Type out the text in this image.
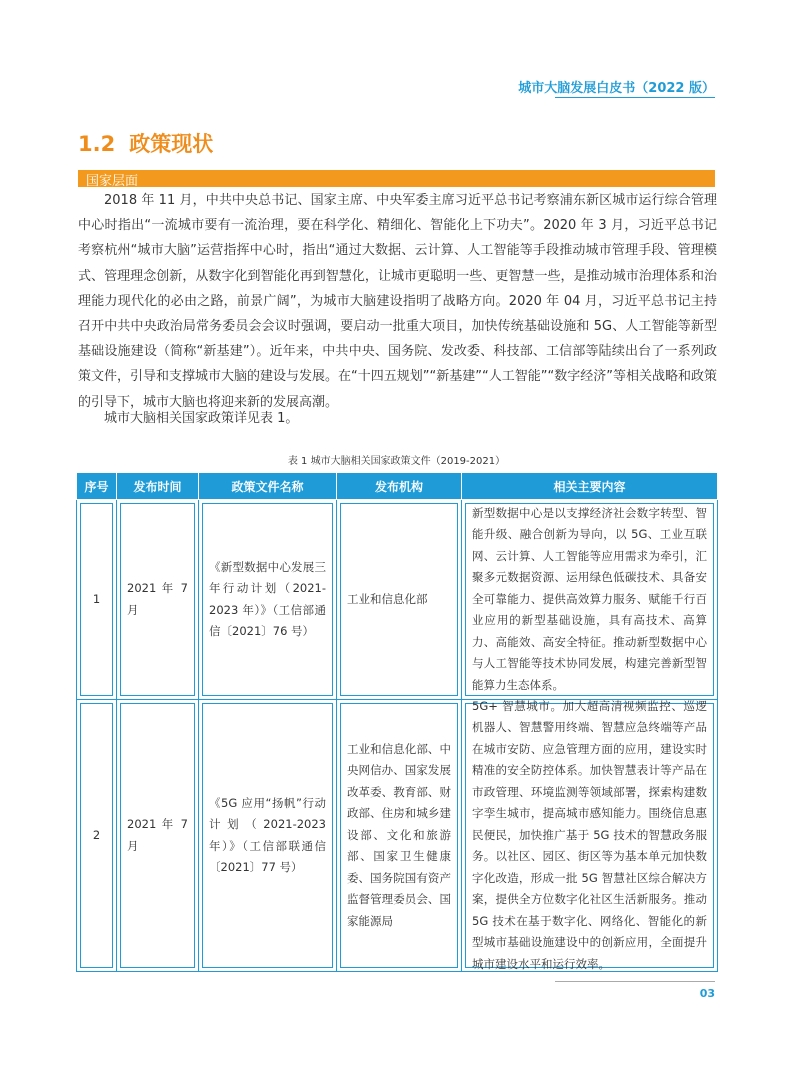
城市大脑发展白皮书（2022 版）
1.2 政策现状
国家层面

2018 年 11 月，中共中央总书记、国家主席、中央军委主席习近平总书记考察浦东新区城市运行综合管理中心时指出“一流城市要有一流治理，要在科学化、精细化、智能化上下功夫”。2020 年 3 月，习近平总书记考察杭州“城市大脑”运营指挥中心时，指出“通过大数据、云计算、人工智能等手段推动城市管理手段、管理模式、管理理念创新，从数字化到智能化再到智慧化，让城市更聪明一些、更智慧一些，是推动城市治理体系和治理能力现代化的必由之路，前景广阔”，为城市大脑建设指明了战略方向。2020 年 04 月，习近平总书记主持召开中共中央政治局常务委员会会议时强调，要启动一批重大项目，加快传统基础设施和 5G、人工智能等新型基础设施建设（简称“新基建”）。近年来，中共中央、国务院、发改委、科技部、工信部等陆续出台了一系列政策文件，引导和支撑城市大脑的建设与发展。在“十四五规划”“新基建”“人工智能”“数字经济”等相关战略和政策的引导下，城市大脑也将迎来新的发展高潮。

城市大脑相关国家政策详见表 1。

表 1 城市大脑相关国家政策文件（2019-2021）
序号	发布时间	政策文件名称	发布机构	相关主要内容

1	2021 年 7 月	《新型数据中心发展三年行动计划（2021-2023 年）》（工信部通信〔2021〕76 号）	工业和信息化部	新型数据中心是以支撑经济社会数字转型、智能升级、融合创新为导向，以 5G、工业互联网、云计算、人工智能等应用需求为牵引，汇聚多元数据资源、运用绿色低碳技术、具备安全可靠能力、提供高效算力服务、赋能千行百业应用的新型基础设施，具有高技术、高算力、高能效、高安全特征。推动新型数据中心与人工智能等技术协同发展，构建完善新型智能算力生态体系。

2	2021 年 7 月	《5G 应用“扬帆”行动计划（2021-2023 年）》（工信部联通信〔2021〕77 号）	工业和信息化部、中央网信办、国家发展改革委、教育部、财政部、住房和城乡建设部、文化和旅游部、国家卫生健康委、国务院国有资产监督管理委员会、国家能源局	5G+ 智慧城市。加大超高清视频监控、巡逻机器人、智慧警用终端、智慧应急终端等产品在城市安防、应急管理方面的应用，建设实时精准的安全防控体系。加快智慧表计等产品在市政管理、环境监测等领域部署，探索构建数字孪生城市，提高城市感知能力。围绕信息惠民便民，加快推广基于 5G 技术的智慧政务服务。以社区、园区、街区等为基本单元加快数字化改造，形成一批 5G 智慧社区综合解决方案，提供全方位数字化社区生活新服务。推动 5G 技术在基于数字化、网络化、智能化的新型城市基础设施建设中的创新应用，全面提升城市建设水平和运行效率。
03
